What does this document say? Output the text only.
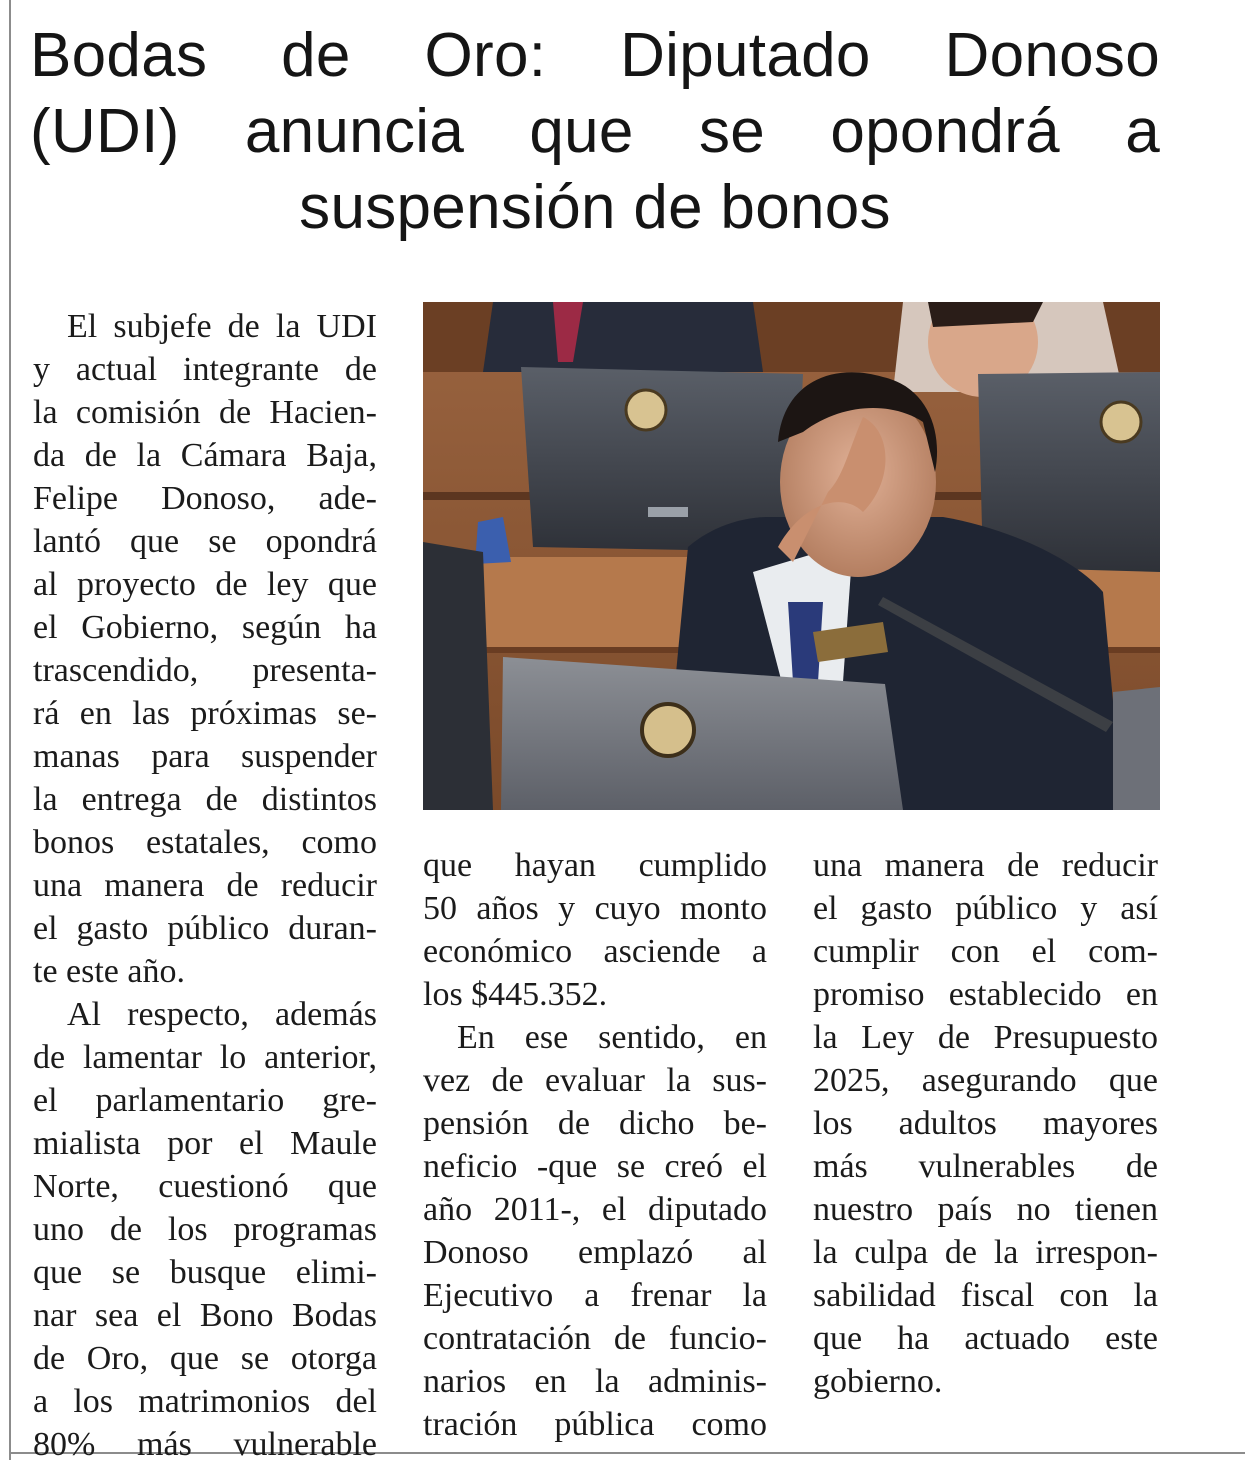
Bodas de Oro: Diputado Donoso
(UDI) anuncia que se opondrá a
suspensión de bonos

El subjefe de la UDI
y actual integrante de
la comisión de Hacien-
da de la Cámara Baja,
Felipe Donoso, ade-
lantó que se opondrá
al proyecto de ley que
el Gobierno, según ha
trascendido, presenta-
rá en las próximas se-
manas para suspender
la entrega de distintos
bonos estatales, como
una manera de reducir
el gasto público duran-
te este año.

Al respecto, además
de lamentar lo anterior,
el parlamentario gre-
mialista por el Maule
Norte, cuestionó que
uno de los programas
que se busque elimi-
nar sea el Bono Bodas
de Oro, que se otorga
a los matrimonios del
80% más vulnerable

que hayan cumplido
50 años y cuyo monto
económico asciende a
los $445.352.

En ese sentido, en
vez de evaluar la sus-
pensión de dicho be-
neficio -que se creó el
año 2011-, el diputado
Donoso emplazó al
Ejecutivo a frenar la
contratación de funcio-
narios en la adminis-
tración pública como

una manera de reducir
el gasto público y así
cumplir con el com-
promiso establecido en
la Ley de Presupuesto
2025, asegurando que
los adultos mayores
más vulnerables de
nuestro país no tienen
la culpa de la irrespon-
sabilidad fiscal con la
que ha actuado este
gobierno.
